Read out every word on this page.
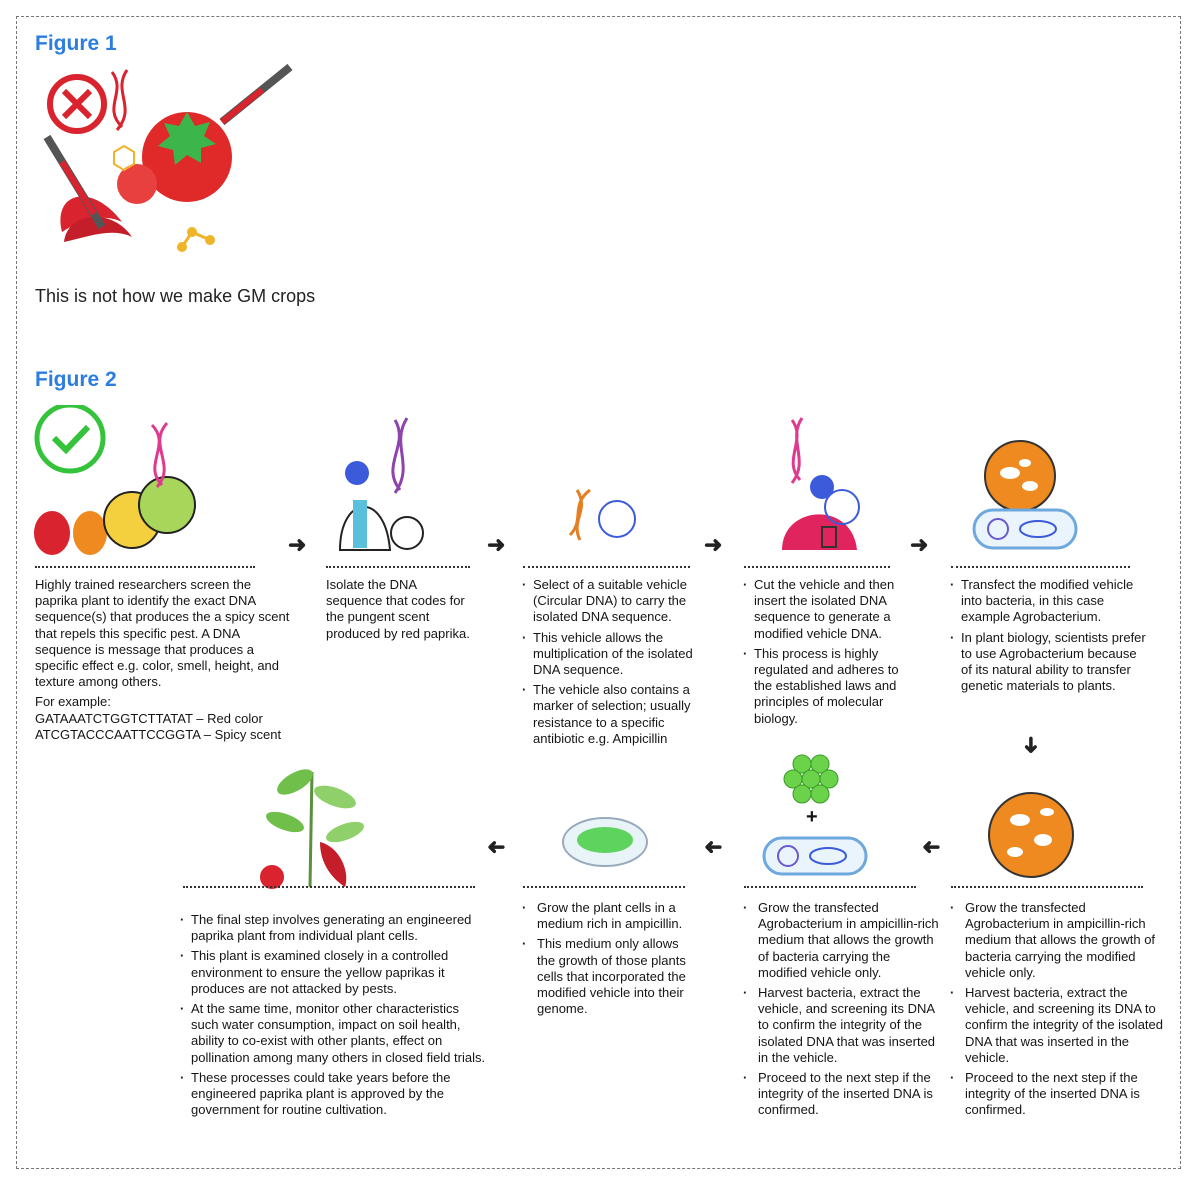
Figure 1
This is not how we make GM crops
Figure 2
➜	➜	➜	➜
➜

Highly trained researchers screen the paprika plant to identify the exact DNA sequence(s) that produces the a spicy scent that repels this specific pest. A DNA sequence is message that produces a specific effect e.g. color, smell, height, and texture among others.

For example:
GATAAATCTGGTCTTATAT – Red color
ATCGTACCCAATTCCGGTA – Spicy scent

Isolate the DNA sequence that codes for the pungent scent produced by red paprika.

· Select of a suitable vehicle (Circular DNA) to carry the isolated DNA sequence.
· This vehicle allows the multiplication of the isolated DNA sequence.
· The vehicle also contains a marker of selection; usually resistance to a specific antibiotic e.g. Ampicillin
· Cut the vehicle and then insert the isolated DNA sequence to generate a modified vehicle DNA.
· This process is highly regulated and adheres to the established laws and principles of molecular biology.
· Transfect the modified vehicle into bacteria, in this case example Agrobacterium.
· In plant biology, scientists prefer to use Agrobacterium because of its natural ability to transfer genetic materials to plants.
+
➜	➜	➜
· The final step involves generating an engineered paprika plant from individual plant cells.
· This plant is examined closely in a controlled environment to ensure the yellow paprikas it produces are not attacked by pests.
· At the same time, monitor other characteristics such water consumption, impact on soil health, ability to co-exist with other plants, effect on pollination among many others in closed field trials.
· These processes could take years before the engineered paprika plant is approved by the government for routine cultivation.
· Grow the plant cells in a medium rich in ampicillin.
· This medium only allows the growth of those plants cells that incorporated the modified vehicle into their genome.
· Grow the transfected Agrobacterium in ampicillin-rich medium that allows the growth of bacteria carrying the modified vehicle only.
· Harvest bacteria, extract the vehicle, and screening its DNA to confirm the integrity of the isolated DNA that was inserted in the vehicle.
· Proceed to the next step if the integrity of the inserted DNA is confirmed.
· Grow the transfected Agrobacterium in ampicillin-rich medium that allows the growth of bacteria carrying the modified vehicle only.
· Harvest bacteria, extract the vehicle, and screening its DNA to confirm the integrity of the isolated DNA that was inserted in the vehicle.
· Proceed to the next step if the integrity of the inserted DNA is confirmed.
